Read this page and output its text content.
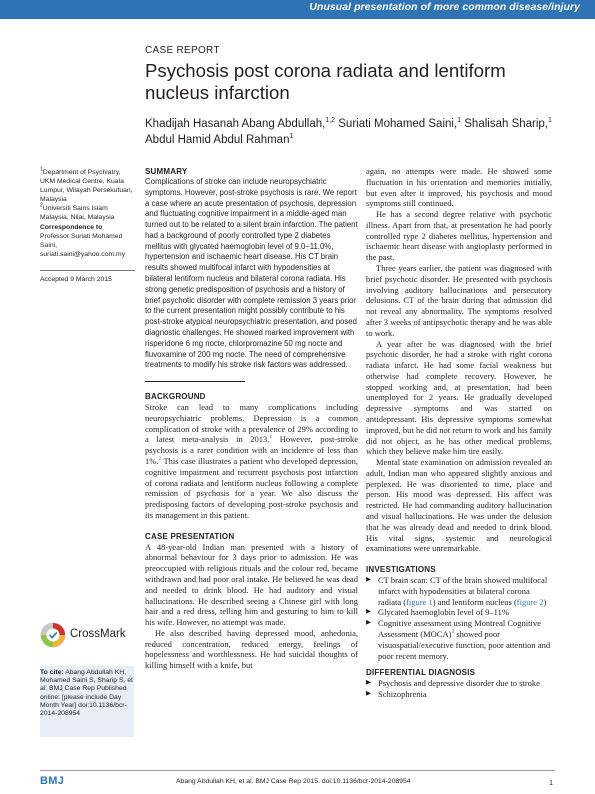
Unusual presentation of more common disease/injury
CASE REPORT
Psychosis post corona radiata and lentiform nucleus infarction
Khadijah Hasanah Abang Abdullah,$^{1,2}$ Suriati Mohamed Saini,$^1$ Shalisah Sharip,$^1$ Abdul Hamid Abdul Rahman$^1$

$^1$Department of Psychiatry, UKM Medical Centre, Kuala Lumpur, Wilayah Persekutuan, Malaysia

$^2$Universiti Sains Islam Malaysia, Nilai, Malaysia

Correspondence to

Professor Suriati Mohamed Saini,

suriati.saini@yahoo.com.my

Accepted 9 March 2015
CrossMark
To cite: Abang Abdullah KH, Mohamed Saini S, Sharip S, et al. BMJ Case Rep Published online: [please include Day Month Year] doi:10.1136/bcr-2014-208954

SUMMARY

Complications of stroke can include neuropsychiatric symptoms. However, post-stroke psychosis is rare. We report a case where an acute presentation of psychosis, depression and fluctuating cognitive impairment in a middle-aged man turned out to be related to a silent brain infarction. The patient had a background of poorly controlled type 2 diabetes mellitus with glycated haemoglobin level of 9.0–11.0%, hypertension and ischaemic heart disease. His CT brain results showed multifocal infarct with hypodensities at bilateral lentiform nucleus and bilateral corona radiata. His strong genetic predisposition of psychosis and a history of brief psychotic disorder with complete remission 3 years prior to the current presentation might possibly contribute to his post-stroke atypical neuropsychiatric presentation, and posed diagnostic challenges. He showed marked improvement with risperidone 6 mg nocte, chlorpromazine 50 mg nocte and fluvoxamine of 200 mg nocte. The need of comprehensive treatments to modify his stroke risk factors was addressed.

BACKGROUND

Stroke can lead to many complications including neuropsychiatric problems. Depression is a common complication of stroke with a prevalence of 29% according to a latest meta-analysis in 2013.$^1$ However, post-stroke psychosis is a rarer condition with an incidence of less than 1%.$^2$ This case illustrates a patient who developed depression, cognitive impairment and recurrent psychosis post infarction of corona radiata and lentiform nucleus following a complete remission of psychosis for a year. We also discuss the predisposing factors of developing post-stroke psychosis and its management in this patient.

CASE PRESENTATION

A 48-year-old Indian man presented with a history of abnormal behaviour for 3 days prior to admission. He was preoccupied with religious rituals and the colour red, became withdrawn and had poor oral intake. He believed he was dead and needed to drink blood. He had auditory and visual hallucinations. He described seeing a Chinese girl with long hair and a red dress, telling him and gesturing to him to kill his wife. However, no attempt was made.

He also described having depressed mood, anhedonia, reduced concentration, reduced energy, feelings of hopelessness and worthlessness. He had suicidal thoughts of killing himself with a knife, but

again, no attempts were made. He showed some fluctuation in his orientation and memories initially, but even after it improved, his psychosis and mood symptoms still continued.

He has a second degree relative with psychotic illness. Apart from that, at presentation he had poorly controlled type 2 diabetes mellitus, hypertension and ischaemic heart disease with angioplasty performed in the past.

Three years earlier, the patient was diagnosed with brief psychotic disorder. He presented with psychosis involving auditory hallucinations and persecutory delusions. CT of the brain during that admission did not reveal any abnormality. The symptoms resolved after 3 weeks of antipsychotic therapy and he was able to work.

A year after he was diagnosed with the brief psychotic disorder, he had a stroke with right corona radiata infarct. He had some facial weakness but otherwise had complete recovery. However, he stopped working and, at presentation, had been unemployed for 2 years. He gradually developed depressive symptoms and was started on antidepressant. His depressive symptoms somewhat improved, but he did not return to work and his family did not object, as he has other medical problems, which they believe make him tire easily.

Mental state examination on admission revealed an adult, Indian man who appeared slightly anxious and perplexed. He was disoriented to time, place and person. His mood was depressed. His affect was restricted. He had commanding auditory hallucination and visual hallucinations. He was under the delusion that he was already dead and needed to drink blood. His vital signs, systemic and neurological examinations were unremarkable.

INVESTIGATIONS

▶ CT brain scan: CT of the brain showed multifocal infarct with hypodensities at bilateral corona radiata (figure 1) and lentiform nucleus (figure 2)
▶ Glycated haemoglobin level of 9–11%
▶ Cognitive assessment using Montreal Cognitive Assessment (MOCA)$^3$ showed poor visuospatial/executive function, poor attention and poor recent memory.

DIFFERENTIAL DIAGNOSIS

▶ Psychosis and depressive disorder due to stroke
▶ Schizophrenia
BMJ	Abang Abdullah KH, et al. BMJ Case Rep 2015. doi:10.1136/bcr-2014-208954	1
